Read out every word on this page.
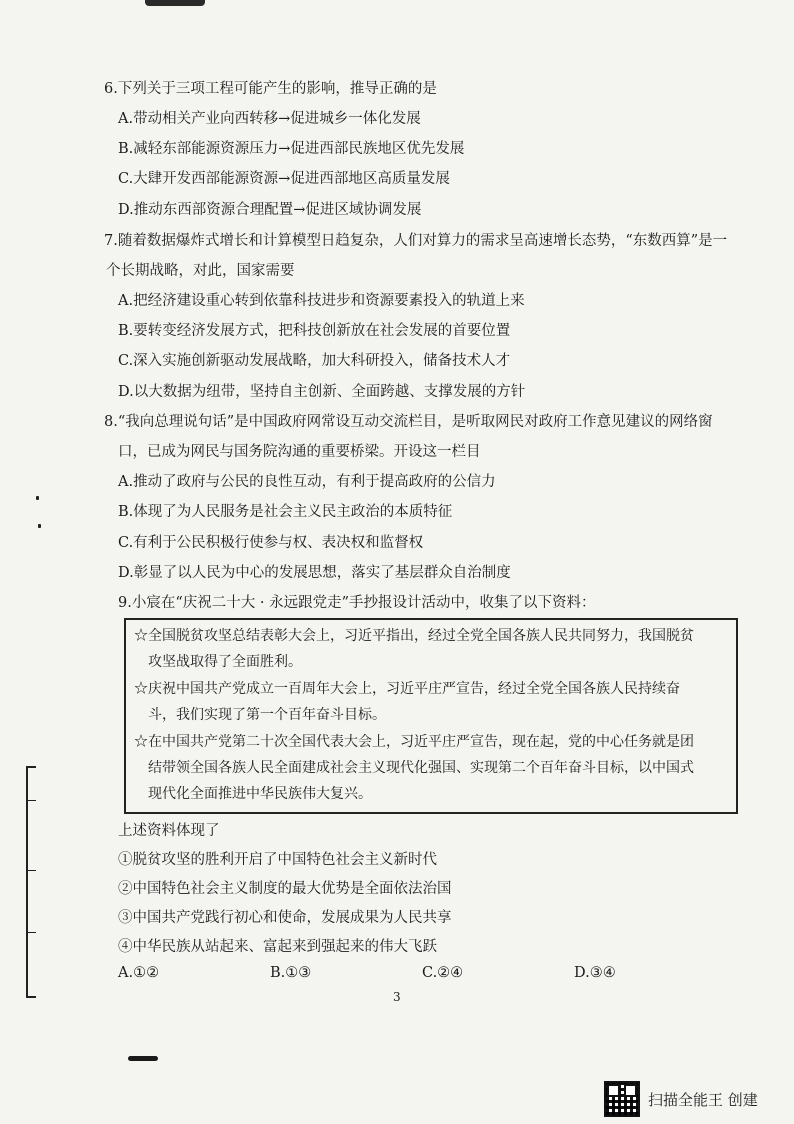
6.下列关于三项工程可能产生的影响，推导正确的是
A.带动相关产业向西转移→促进城乡一体化发展
B.减轻东部能源资源压力→促进西部民族地区优先发展
C.大肆开发西部能源资源→促进西部地区高质量发展
D.推动东西部资源合理配置→促进区域协调发展
7.随着数据爆炸式增长和计算模型日趋复杂，人们对算力的需求呈高速增长态势，“东数西算”是一
个长期战略，对此，国家需要
A.把经济建设重心转到依靠科技进步和资源要素投入的轨道上来
B.要转变经济发展方式，把科技创新放在社会发展的首要位置
C.深入实施创新驱动发展战略，加大科研投入，储备技术人才
D.以大数据为纽带，坚持自主创新、全面跨越、支撑发展的方针
8.“我向总理说句话”是中国政府网常设互动交流栏目，是听取网民对政府工作意见建议的网络窗
口，已成为网民与国务院沟通的重要桥梁。开设这一栏目
A.推动了政府与公民的良性互动，有利于提高政府的公信力
B.体现了为人民服务是社会主义民主政治的本质特征
C.有利于公民积极行使参与权、表决权和监督权
D.彰显了以人民为中心的发展思想，落实了基层群众自治制度
9.小宸在“庆祝二十大 · 永远跟党走”手抄报设计活动中，收集了以下资料：
☆全国脱贫攻坚总结表彰大会上，习近平指出，经过全党全国各族人民共同努力，我国脱贫
攻坚战取得了全面胜利。
☆庆祝中国共产党成立一百周年大会上，习近平庄严宣告，经过全党全国各族人民持续奋
斗，我们实现了第一个百年奋斗目标。
☆在中国共产党第二十次全国代表大会上，习近平庄严宣告，现在起，党的中心任务就是团
结带领全国各族人民全面建成社会主义现代化强国、实现第二个百年奋斗目标，以中国式
现代化全面推进中华民族伟大复兴。
上述资料体现了
①脱贫攻坚的胜利开启了中国特色社会主义新时代
②中国特色社会主义制度的最大优势是全面依法治国
③中国共产党践行初心和使命，发展成果为人民共享
④中华民族从站起来、富起来到强起来的伟大飞跃
A.①②	B.①③	C.②④	D.③④
3
扫描全能王 创建
